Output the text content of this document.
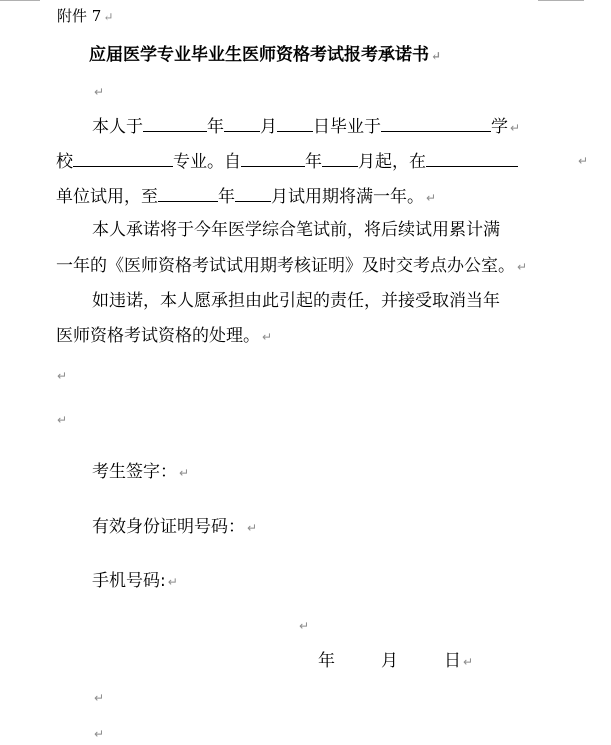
附件 7 ↵
应届医学专业毕业生医师资格考试报考承诺书 ↵
↵
本人于	年 月 日毕业于	学 ↵
校	专业。自	年 月起，在	↵
单位试用，至	年 月试用期将满一年。 ↵
本人承诺将于今年医学综合笔试前，将后续试用累计满
一年的《医师资格考试试用期考核证明》及时交考点办公室。 ↵
如违诺，本人愿承担由此引起的责任，并接受取消当年
医师资格考试资格的处理。 ↵
↵
↵
考生签字： ↵
有效身份证明号码： ↵
手机号码: ↵
↵
年	月	日 ↵
↵
↵
